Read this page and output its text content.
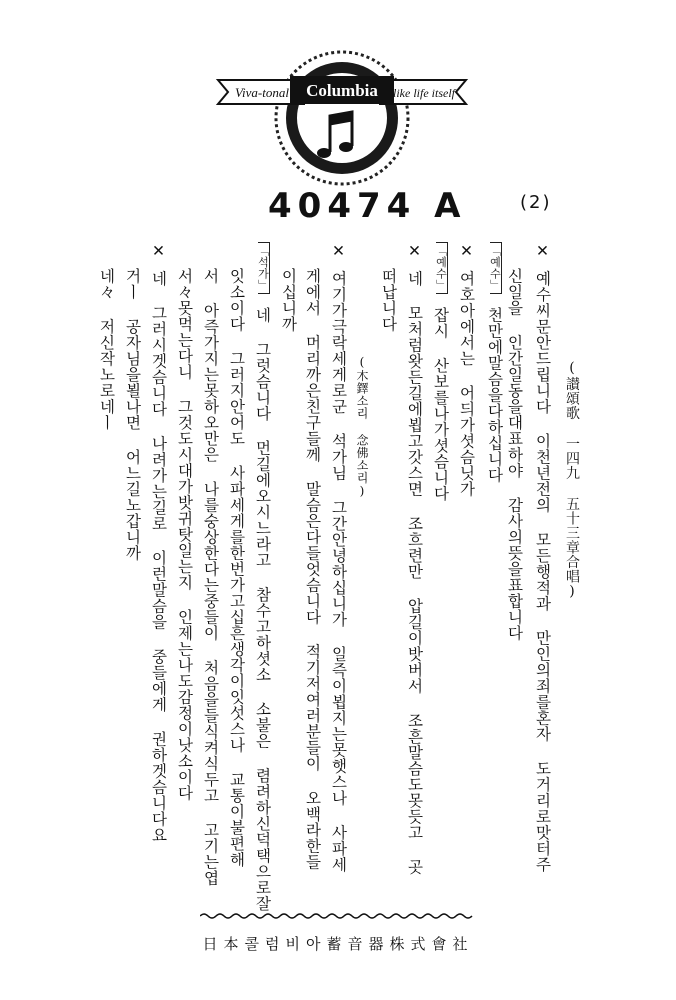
Columbia
Viva-tonal	like life itself
40474 A	(2)
(讃頌歌 一四九 五十三章合唱)
✕예수씨문안드립니다 이천년전의 모든행적과 만인의죄를혼자 도거리로맛터주
신일을 인간일동을대표하야 감사의뜻을표합니다
「예수」천만에말슴을다하십니다
✕여호아에서는 어듸가셧슴닛가
「예수」잡시 산보를나가셧슴니다
✕네 모처럼왓든길에뵙고갓스면 조흐련만 압길이밧버서 조흔말슴도못듯고 곳
떠납니다
(木鐸소리 念佛소리)
✕여기가극락세게로군 석가님 그간안녕하십니가 일즉이뵙지는못햇스나 사파세
게에서 머리까은친구들께 말슴은다들엇슴니다 적기저여러분들이 오백라한들
이십니까
「석가」네 그럿슴니다 먼길에오시느라고 참수고하셧소 소불은 렴려하신덕택으로잘
잇소이다 그러지안어도 사파세게를한번가고십흔생각이잇섯스나 교통이불편해
서 아즉가지는못하오만은 나를숭상한다는중들이 처음을들식켜식두고 고기는엽
서々못먹는다니 그것도시대가밧귀탓일는지 인제는나도감정이낫소이다
✕네 그러시겟슴니다 나려가는길로 이런말슴을 중들에게 권하겟슴니다요
거ㅣ 공자님을뵐나면 어느길노갑니까
네々 저신작노로네ㅣ
日本콜럼비아蓄音器株式會社
